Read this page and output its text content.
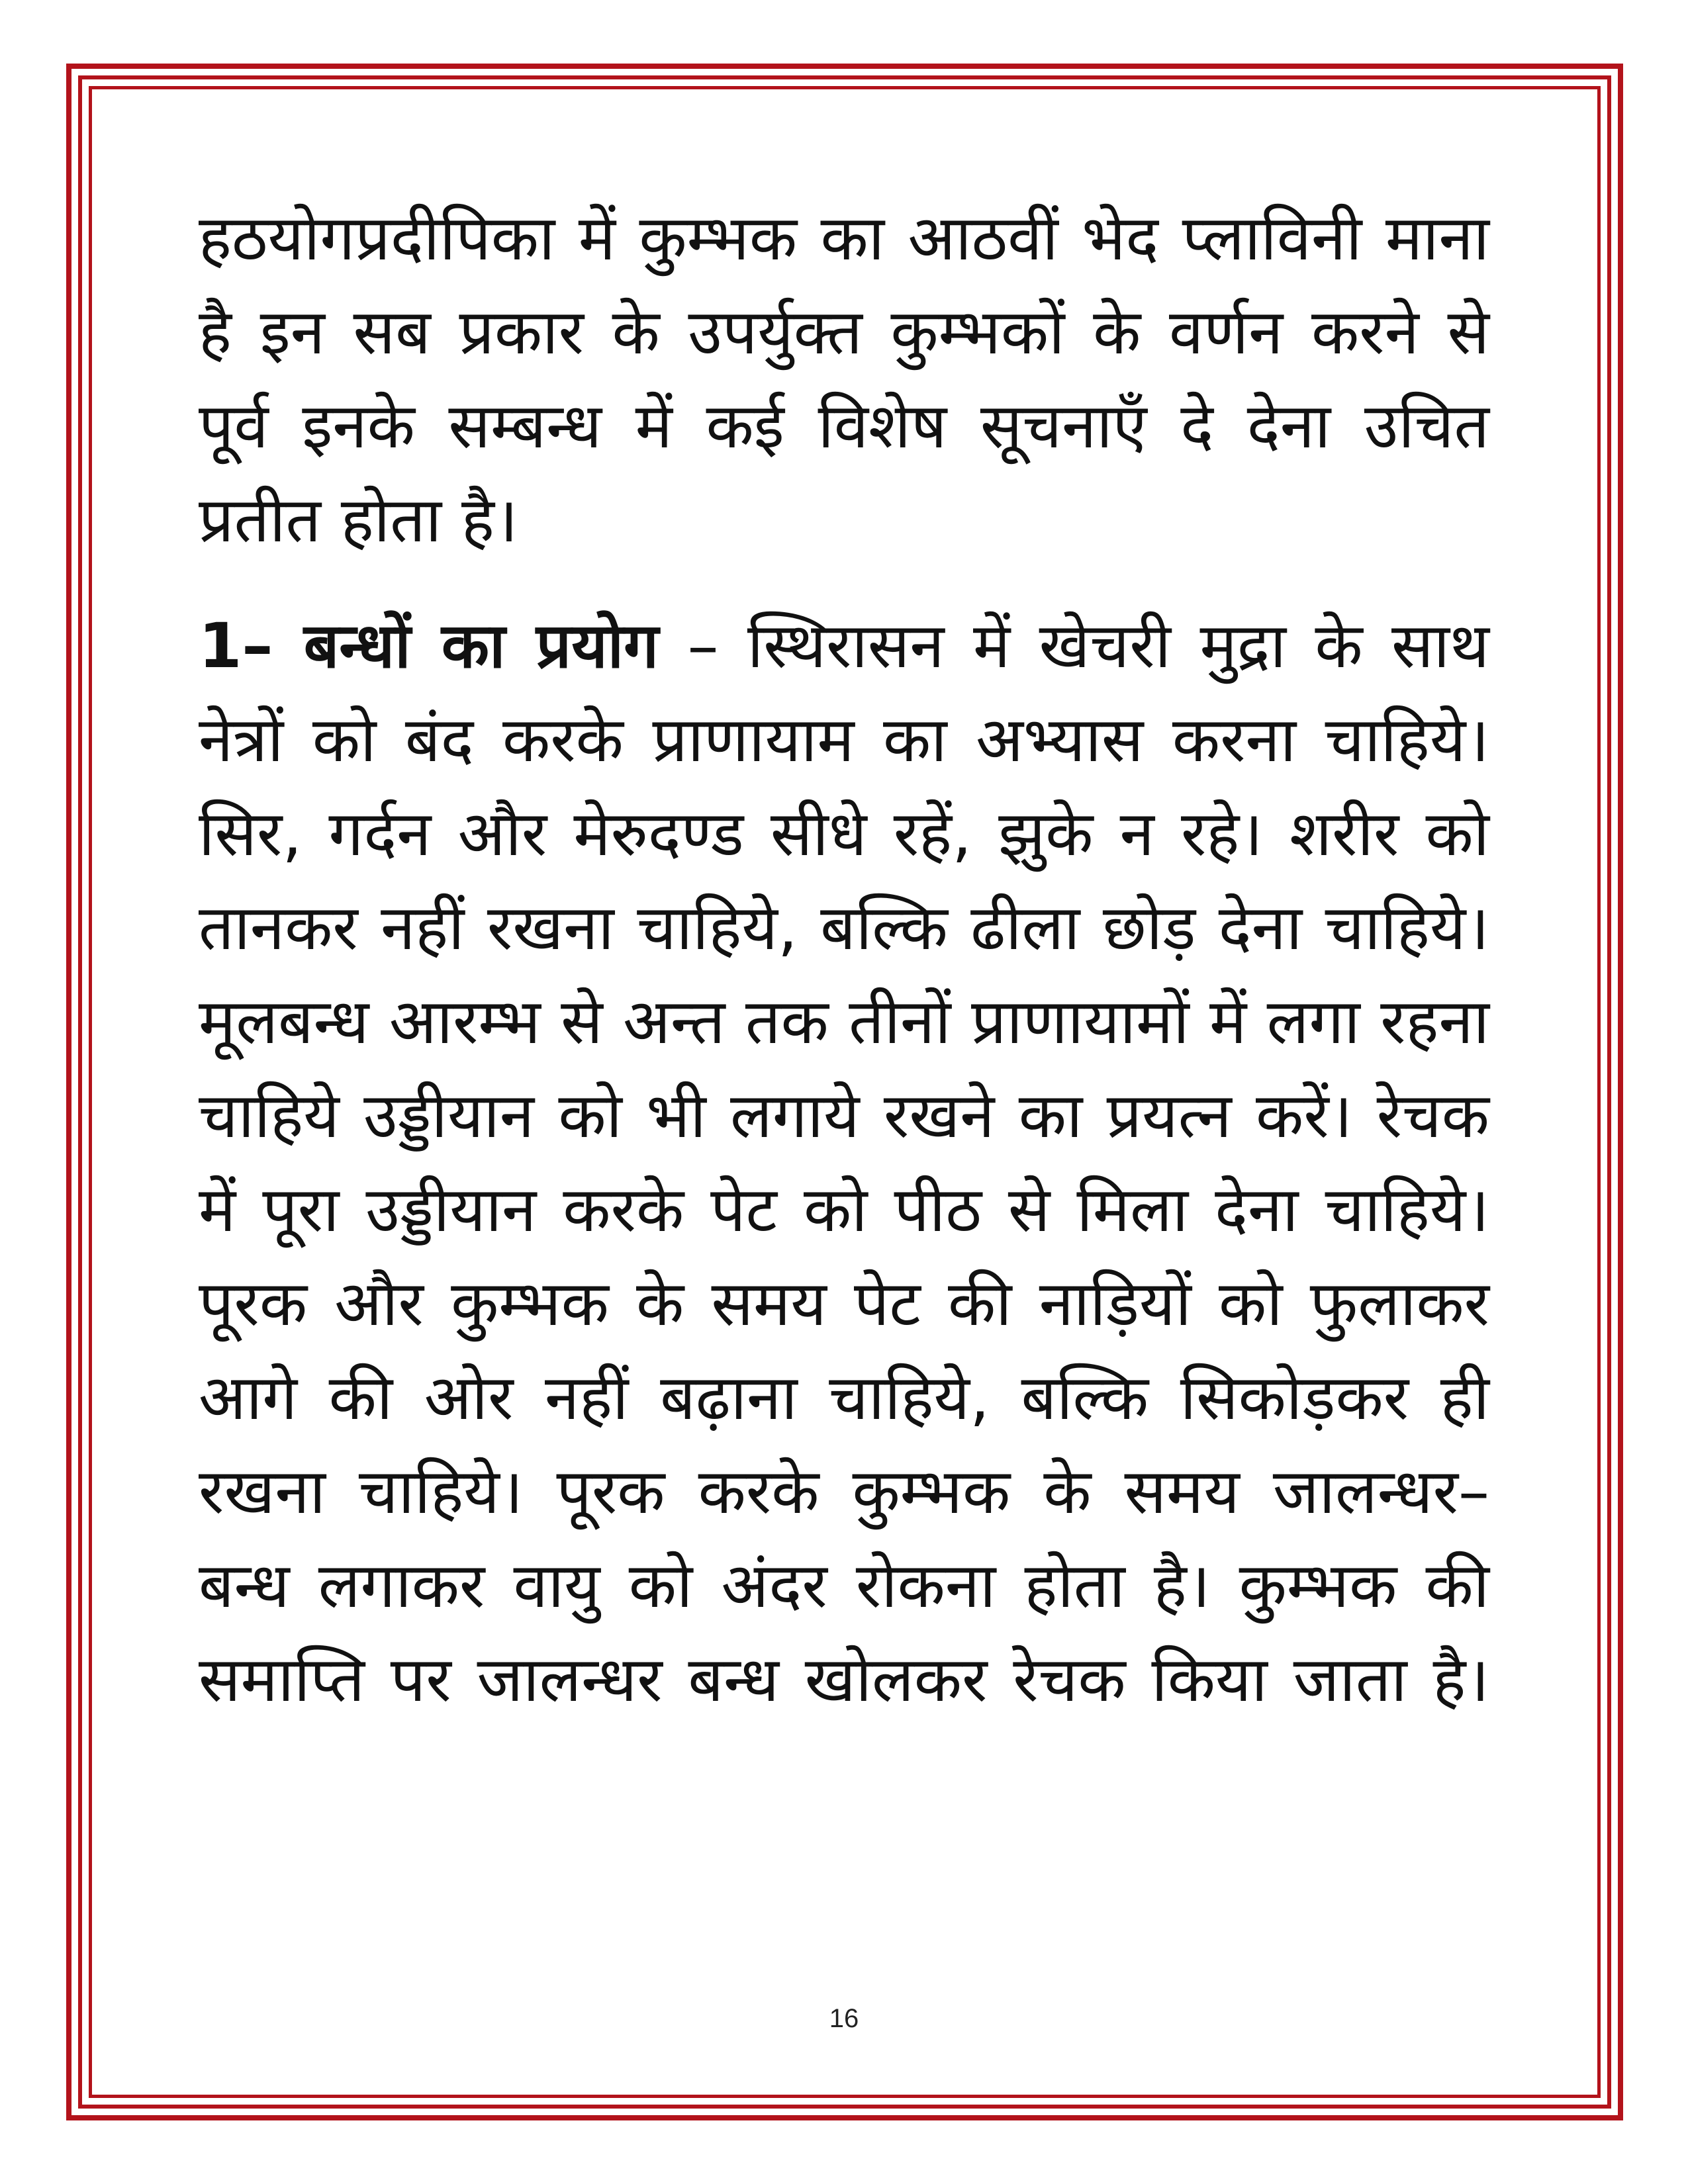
हठयोगप्रदीपिका में कुम्भक का आठवीं भेद प्लाविनी माना है इन सब प्रकार के उपर्युक्त कुम्भकों के वर्णन करने से पूर्व इनके सम्बन्ध में कई विशेष सूचनाएँ दे देना उचित प्रतीत होता है।

1– बन्धों का प्रयोग – स्थिरासन में खेचरी मुद्रा के साथ नेत्रों को बंद करके प्राणायाम का अभ्यास करना चाहिये। सिर, गर्दन और मेरुदण्ड सीधे रहें, झुके न रहे। शरीर को तानकर नहीं रखना चाहिये, बल्कि ढीला छोड़ देना चाहिये। मूलबन्ध आरम्भ से अन्त तक तीनों प्राणायामों में लगा रहना चाहिये उड्डीयान को भी लगाये रखने का प्रयत्न करें। रेचक में पूरा उड्डीयान करके पेट को पीठ से मिला देना चाहिये। पूरक और कुम्भक के समय पेट की नाड़ियों को फुलाकर आगे की ओर नहीं बढ़ाना चाहिये, बल्कि सिकोड़कर ही रखना चाहिये। पूरक करके कुम्भक के समय जालन्धर– बन्ध लगाकर वायु को अंदर रोकना होता है। कुम्भक की समाप्ति पर जालन्धर बन्ध खोलकर रेचक किया जाता है।

16
